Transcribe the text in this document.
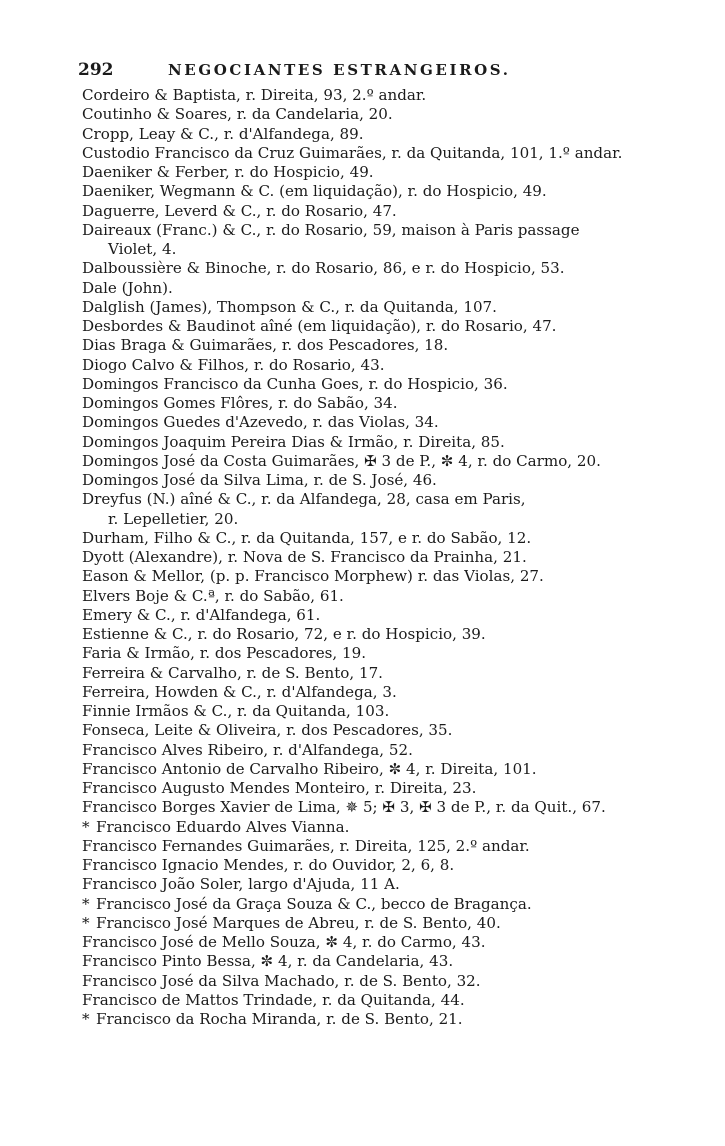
292	NEGOCIANTES ESTRANGEIROS.
Cordeiro & Baptista, r. Direita, 93, 2.º andar.
Coutinho & Soares, r. da Candelaria, 20.
Cropp, Leay & C., r. d'Alfandega, 89.
Custodio Francisco da Cruz Guimarães, r. da Quitanda, 101, 1.º andar.
Daeniker & Ferber, r. do Hospicio, 49.
Daeniker, Wegmann & C. (em liquidação), r. do Hospicio, 49.
Daguerre, Leverd & C., r. do Rosario, 47.
Daireaux (Franc.) & C., r. do Rosario, 59, maison à Paris passage
Violet, 4.
Dalboussière & Binoche, r. do Rosario, 86, e r. do Hospicio, 53.
Dale (John).
Dalglish (James), Thompson & C., r. da Quitanda, 107.
Desbordes & Baudinot aîné (em liquidação), r. do Rosario, 47.
Dias Braga & Guimarães, r. dos Pescadores, 18.
Diogo Calvo & Filhos, r. do Rosario, 43.
Domingos Francisco da Cunha Goes, r. do Hospicio, 36.
Domingos Gomes Flôres, r. do Sabão, 34.
Domingos Guedes d'Azevedo, r. das Violas, 34.
Domingos Joaquim Pereira Dias & Irmão, r. Direita, 85.
Domingos José da Costa Guimarães, ✠ 3 de P., ✼ 4, r. do Carmo, 20.
Domingos José da Silva Lima, r. de S. José, 46.
Dreyfus (N.) aîné & C., r. da Alfandega, 28, casa em Paris,
r. Lepelletier, 20.
Durham, Filho & C., r. da Quitanda, 157, e r. do Sabão, 12.
Dyott (Alexandre), r. Nova de S. Francisco da Prainha, 21.
Eason & Mellor, (p. p. Francisco Morphew) r. das Violas, 27.
Elvers Boje & C.ª, r. do Sabão, 61.
Emery & C., r. d'Alfandega, 61.
Estienne & C., r. do Rosario, 72, e r. do Hospicio, 39.
Faria & Irmão, r. dos Pescadores, 19.
Ferreira & Carvalho, r. de S. Bento, 17.
Ferreira, Howden & C., r. d'Alfandega, 3.
Finnie Irmãos & C., r. da Quitanda, 103.
Fonseca, Leite & Oliveira, r. dos Pescadores, 35.
Francisco Alves Ribeiro, r. d'Alfandega, 52.
Francisco Antonio de Carvalho Ribeiro, ✼ 4, r. Direita, 101.
Francisco Augusto Mendes Monteiro, r. Direita, 23.
Francisco Borges Xavier de Lima, ✵ 5; ✠ 3, ✠ 3 de P., r. da Quit., 67.
* Francisco Eduardo Alves Vianna.
Francisco Fernandes Guimarães, r. Direita, 125, 2.º andar.
Francisco Ignacio Mendes, r. do Ouvidor, 2, 6, 8.
Francisco João Soler, largo d'Ajuda, 11 A.
* Francisco José da Graça Souza & C., becco de Bragança.
* Francisco José Marques de Abreu, r. de S. Bento, 40.
Francisco José de Mello Souza, ✼ 4, r. do Carmo, 43.
Francisco Pinto Bessa, ✼ 4, r. da Candelaria, 43.
Francisco José da Silva Machado, r. de S. Bento, 32.
Francisco de Mattos Trindade, r. da Quitanda, 44.
* Francisco da Rocha Miranda, r. de S. Bento, 21.
